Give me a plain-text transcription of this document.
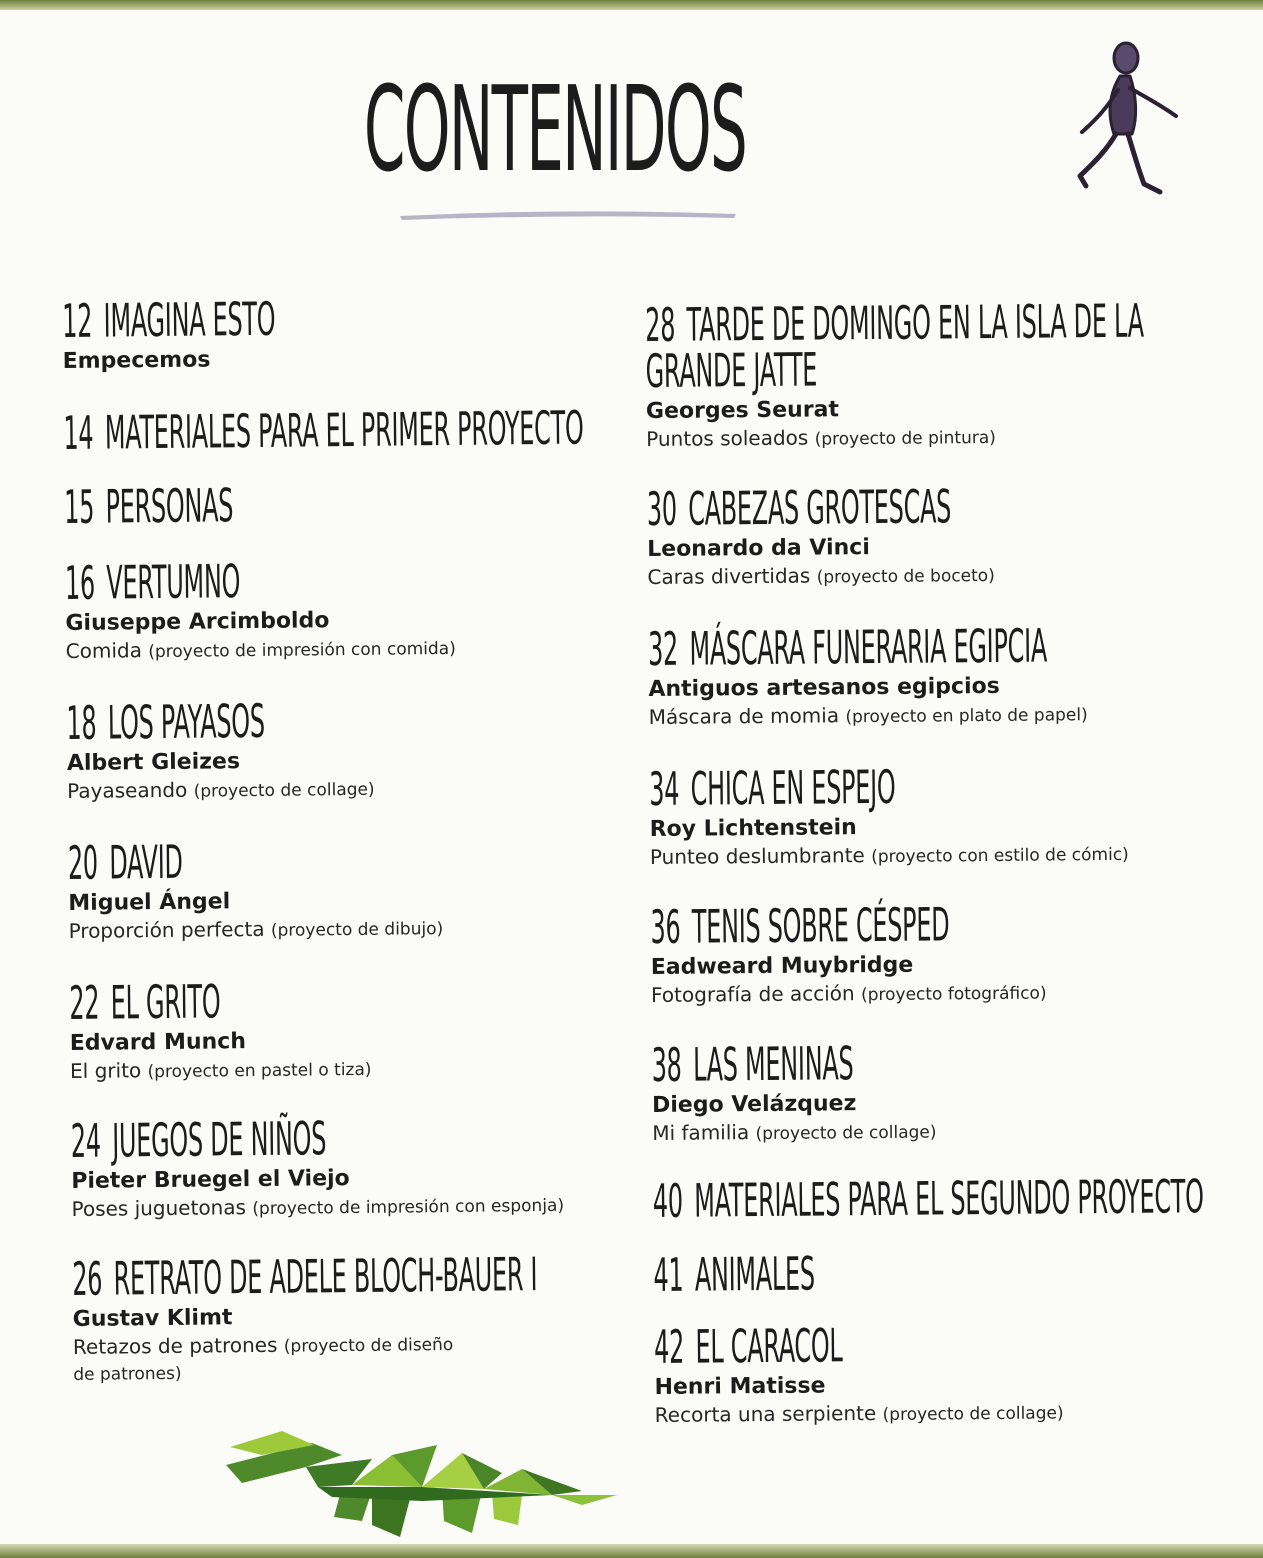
CONTENIDOS
12 IMAGINA ESTO
Empecemos
14 MATERIALES PARA EL PRIMER PROYECTO
15 PERSONAS
16 VERTUMNO
Giuseppe Arcimboldo
Comida (proyecto de impresión con comida)
18 LOS PAYASOS
Albert Gleizes
Payaseando (proyecto de collage)
20 DAVID
Miguel Ángel
Proporción perfecta (proyecto de dibujo)
22 EL GRITO
Edvard Munch
El grito (proyecto en pastel o tiza)
24 JUEGOS DE NIÑOS
Pieter Bruegel el Viejo
Poses juguetonas (proyecto de impresión con esponja)
26 RETRATO DE ADELE BLOCH-BAUER I
Gustav Klimt
Retazos de patrones (proyecto de diseño
de patrones)
28 TARDE DE DOMINGO EN LA ISLA DE LA GRANDE JATTE
Georges Seurat
Puntos soleados (proyecto de pintura)
30 CABEZAS GROTESCAS
Leonardo da Vinci
Caras divertidas (proyecto de boceto)
32 MÁSCARA FUNERARIA EGIPCIA
Antiguos artesanos egipcios
Máscara de momia (proyecto en plato de papel)
34 CHICA EN ESPEJO
Roy Lichtenstein
Punteo deslumbrante (proyecto con estilo de cómic)
36 TENIS SOBRE CÉSPED
Eadweard Muybridge
Fotografía de acción (proyecto fotográfico)
38 LAS MENINAS
Diego Velázquez
Mi familia (proyecto de collage)
40 MATERIALES PARA EL SEGUNDO PROYECTO
41 ANIMALES
42 EL CARACOL
Henri Matisse
Recorta una serpiente (proyecto de collage)
